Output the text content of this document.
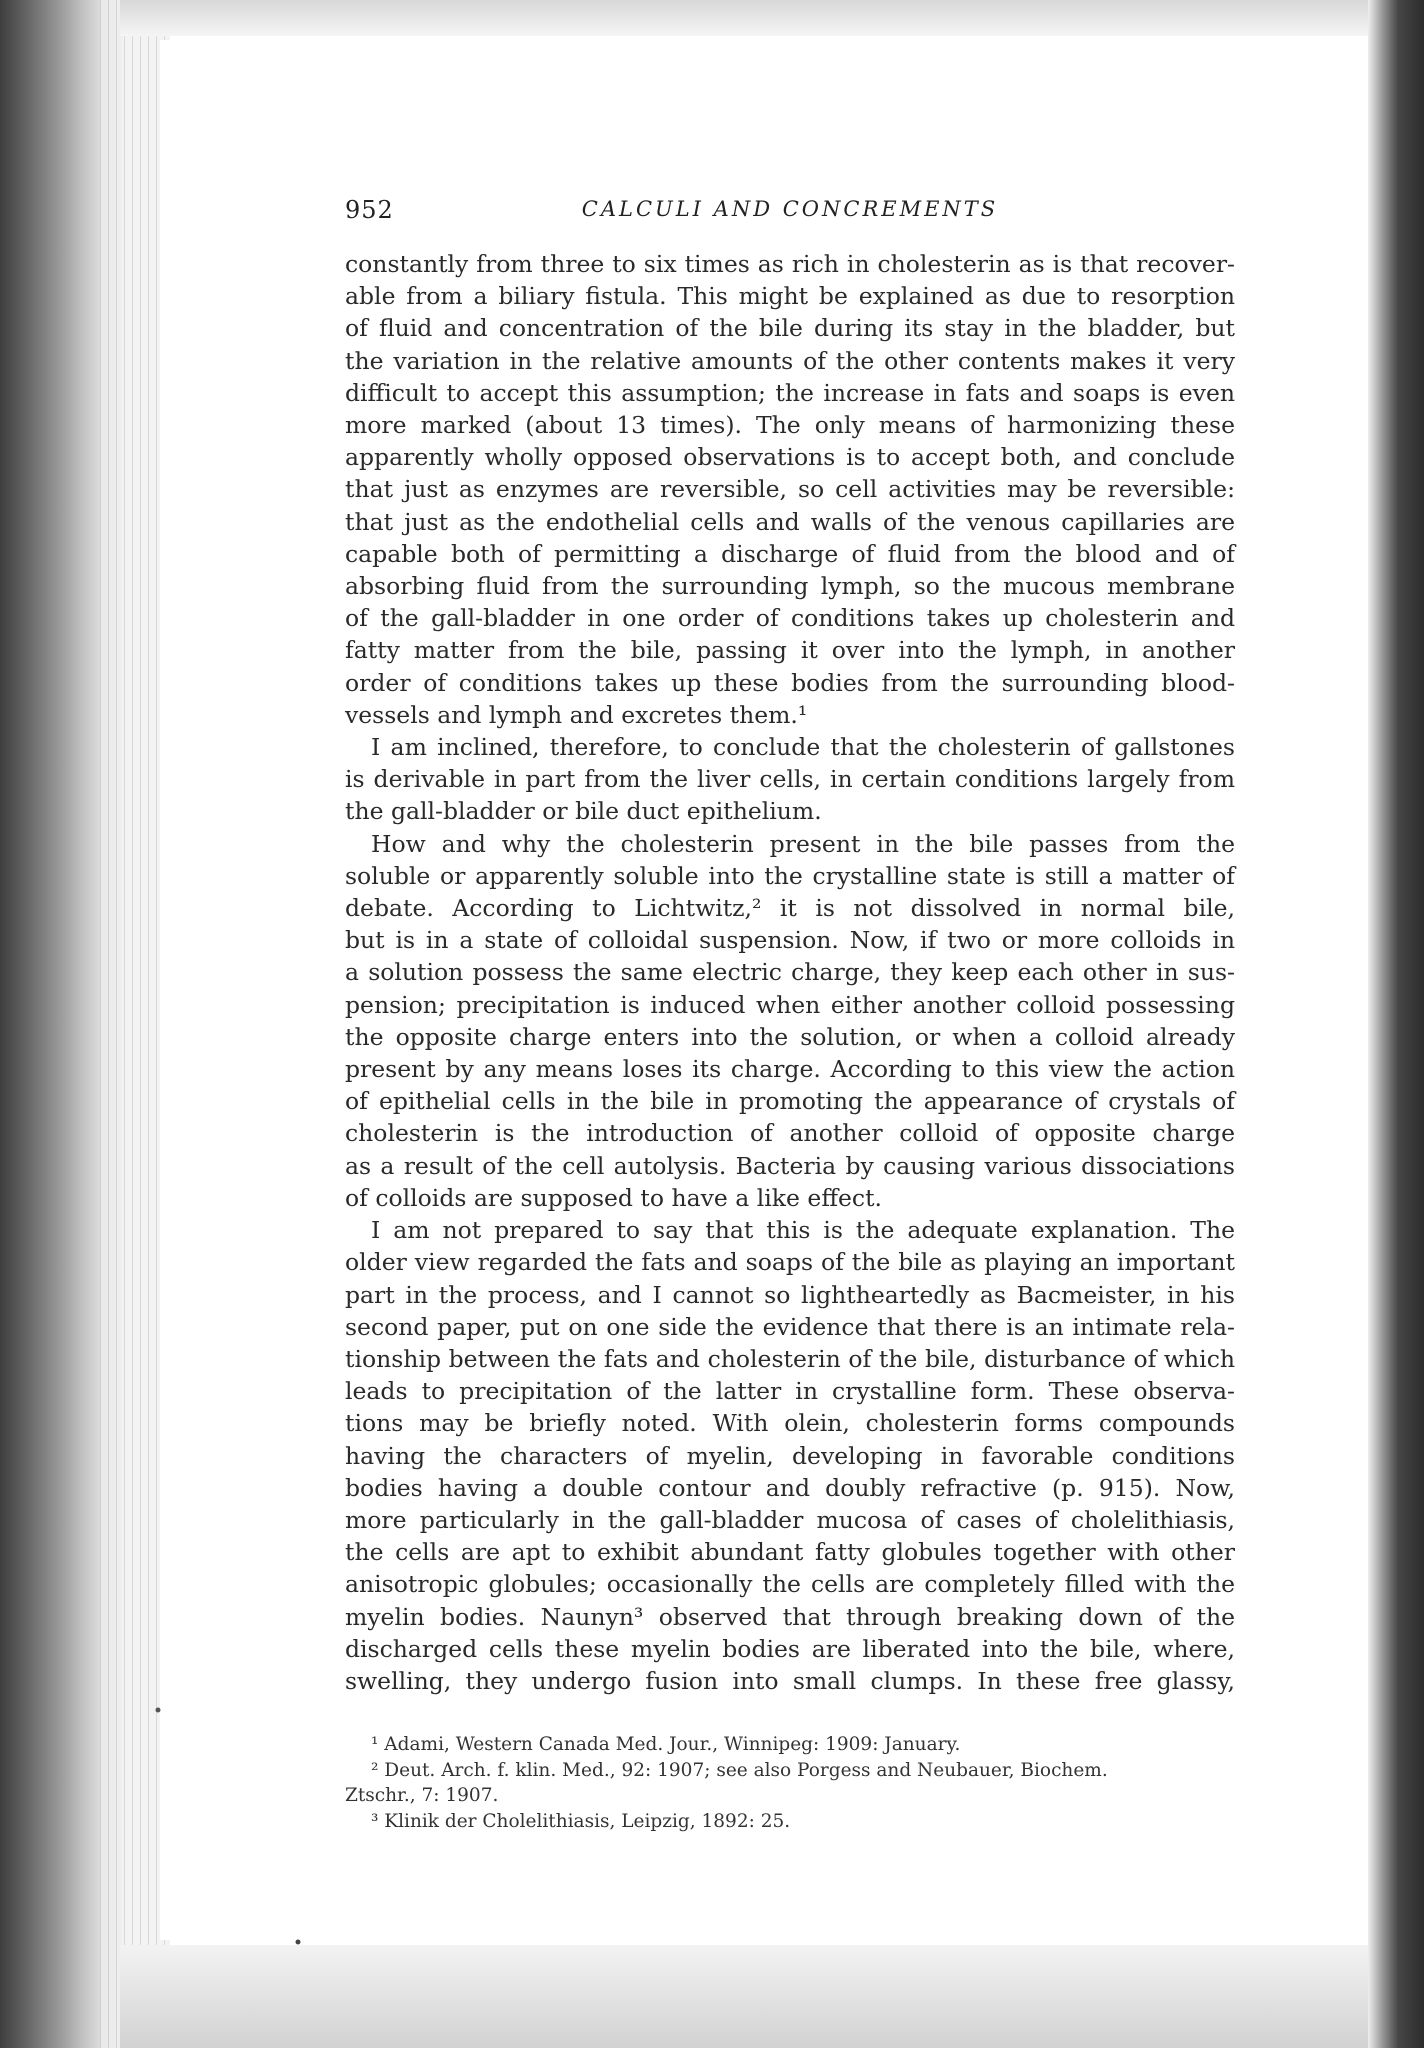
952	CALCULI AND CONCREMENTS
constantly from three to six times as rich in cholesterin as is that recover-
able from a biliary fistula. This might be explained as due to resorption
of fluid and concentration of the bile during its stay in the bladder, but
the variation in the relative amounts of the other contents makes it very
difficult to accept this assumption; the increase in fats and soaps is even
more marked (about 13 times). The only means of harmonizing these
apparently wholly opposed observations is to accept both, and conclude
that just as enzymes are reversible, so cell activities may be reversible:
that just as the endothelial cells and walls of the venous capillaries are
capable both of permitting a discharge of fluid from the blood and of
absorbing fluid from the surrounding lymph, so the mucous membrane
of the gall-bladder in one order of conditions takes up cholesterin and
fatty matter from the bile, passing it over into the lymph, in another
order of conditions takes up these bodies from the surrounding blood-
vessels and lymph and excretes them.¹
I am inclined, therefore, to conclude that the cholesterin of gallstones
is derivable in part from the liver cells, in certain conditions largely from
the gall-bladder or bile duct epithelium.
How and why the cholesterin present in the bile passes from the
soluble or apparently soluble into the crystalline state is still a matter of
debate. According to Lichtwitz,² it is not dissolved in normal bile,
but is in a state of colloidal suspension. Now, if two or more colloids in
a solution possess the same electric charge, they keep each other in sus-
pension; precipitation is induced when either another colloid possessing
the opposite charge enters into the solution, or when a colloid already
present by any means loses its charge. According to this view the action
of epithelial cells in the bile in promoting the appearance of crystals of
cholesterin is the introduction of another colloid of opposite charge
as a result of the cell autolysis. Bacteria by causing various dissociations
of colloids are supposed to have a like effect.
I am not prepared to say that this is the adequate explanation. The
older view regarded the fats and soaps of the bile as playing an important
part in the process, and I cannot so lightheartedly as Bacmeister, in his
second paper, put on one side the evidence that there is an intimate rela-
tionship between the fats and cholesterin of the bile, disturbance of which
leads to precipitation of the latter in crystalline form. These observa-
tions may be briefly noted. With olein, cholesterin forms compounds
having the characters of myelin, developing in favorable conditions
bodies having a double contour and doubly refractive (p. 915). Now,
more particularly in the gall-bladder mucosa of cases of cholelithiasis,
the cells are apt to exhibit abundant fatty globules together with other
anisotropic globules; occasionally the cells are completely filled with the
myelin bodies. Naunyn³ observed that through breaking down of the
discharged cells these myelin bodies are liberated into the bile, where,
swelling, they undergo fusion into small clumps. In these free glassy,
¹ Adami, Western Canada Med. Jour., Winnipeg: 1909: January.
² Deut. Arch. f. klin. Med., 92: 1907; see also Porgess and Neubauer, Biochem.
Ztschr., 7: 1907.
³ Klinik der Cholelithiasis, Leipzig, 1892: 25.
